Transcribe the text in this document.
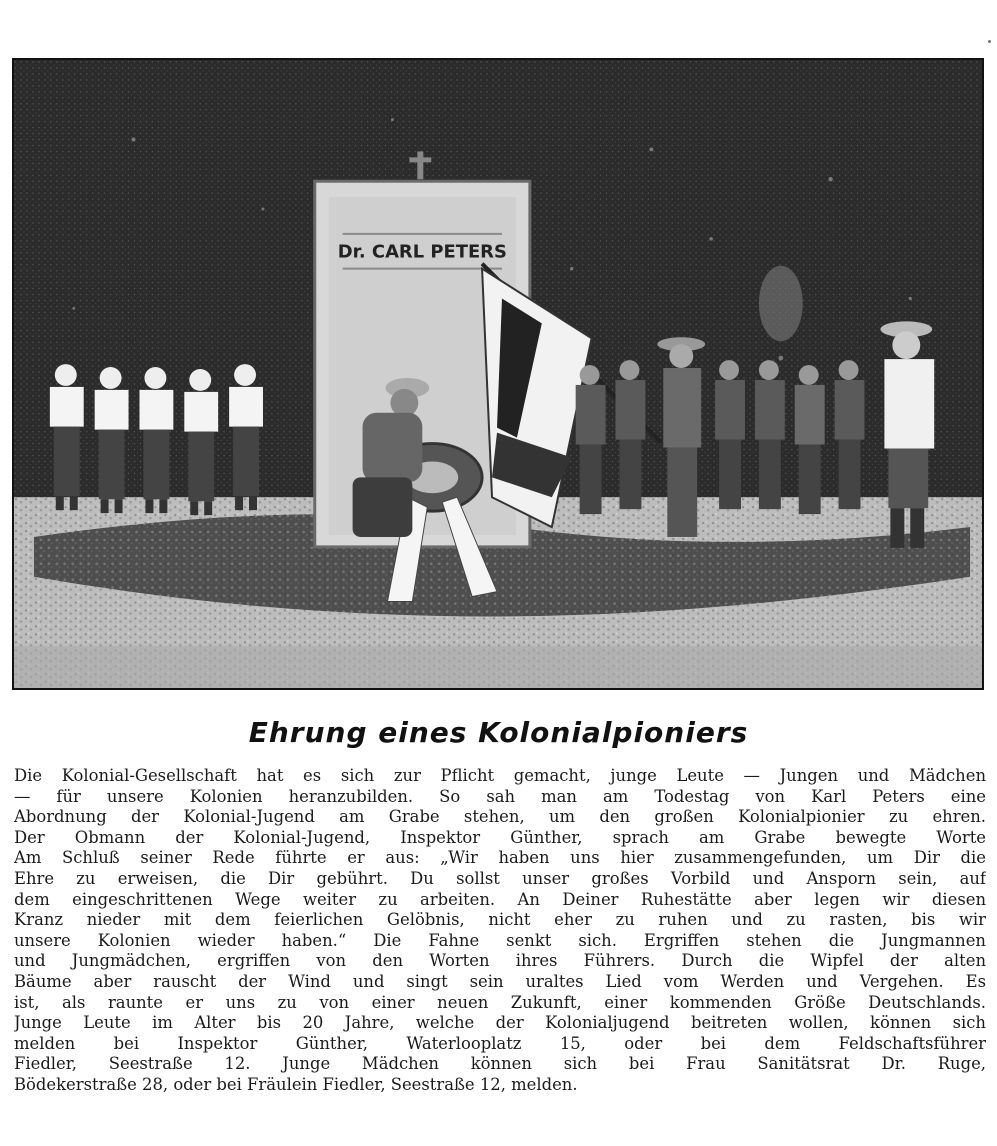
Dr. CARL PETERS
Ehrung eines Kolonialpioniers
Die Kolonial-Gesellschaft hat es sich zur Pflicht gemacht, junge Leute — Jungen und Mädchen
— für unsere Kolonien heranzubilden. So sah man am Todestag von Karl Peters eine
Abordnung der Kolonial-Jugend am Grabe stehen, um den großen Kolonialpionier zu ehren.
Der Obmann der Kolonial-Jugend, Inspektor Günther, sprach am Grabe bewegte Worte
Am Schluß seiner Rede führte er aus: „Wir haben uns hier zusammengefunden, um Dir die
Ehre zu erweisen, die Dir gebührt. Du sollst unser großes Vorbild und Ansporn sein, auf
dem eingeschrittenen Wege weiter zu arbeiten. An Deiner Ruhestätte aber legen wir diesen
Kranz nieder mit dem feierlichen Gelöbnis, nicht eher zu ruhen und zu rasten, bis wir
unsere Kolonien wieder haben.“ Die Fahne senkt sich. Ergriffen stehen die Jungmannen
und Jungmädchen, ergriffen von den Worten ihres Führers. Durch die Wipfel der alten
Bäume aber rauscht der Wind und singt sein uraltes Lied vom Werden und Vergehen. Es
ist, als raunte er uns zu von einer neuen Zukunft, einer kommenden Größe Deutschlands.
Junge Leute im Alter bis 20 Jahre, welche der Kolonialjugend beitreten wollen, können sich
melden bei Inspektor Günther, Waterlooplatz 15, oder bei dem Feldschaftsführer
Fiedler, Seestraße 12. Junge Mädchen können sich bei Frau Sanitätsrat Dr. Ruge,
Bödekerstraße 28, oder bei Fräulein Fiedler, Seestraße 12, melden.
